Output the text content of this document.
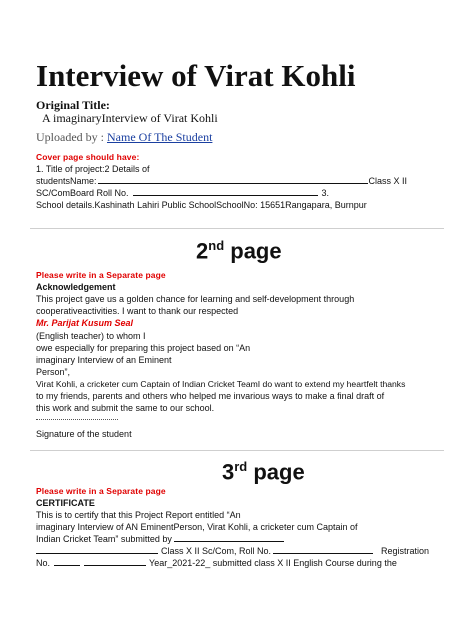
Interview of Virat Kohli
Original Title:
A imaginaryInterview of Virat Kohli
Uploaded by : Name Of The Student
Cover page should have:
1. Title of project:2 Details of
studentsName:	Class X II
SC/ComBoard Roll No.	3.
School details.Kashinath Lahiri Public SchoolSchoolNo: 15651Rangapara, Burnpur
2nd page
Please write in a Separate page
Acknowledgement
This project gave us a golden chance for learning and self-development through
cooperativeactivities. I want to thank our respected
Mr. Parijat Kusum Seal
(English teacher) to whom I
owe especially for preparing this project based on “An
imaginary Interview of an Eminent
Person”,
Virat Kohli, a cricketer cum Captain of Indian Cricket TeamI do want to extend my heartfelt thanks
to my friends, parents and others who helped me invarious ways to make a final draft of
this work and submit the same to our school.
Signature of the student
3rd page
Please write in a Separate page
CERTIFICATE
This is to certify that this Project Report entitled “An
imaginary Interview of AN EminentPerson, Virat Kohli, a cricketer cum Captain of
Indian Cricket Team” submitted by
Class X II Sc/Com, Roll No.	Registration
No.	Year_2021-22_ submitted class X II English Course during the
